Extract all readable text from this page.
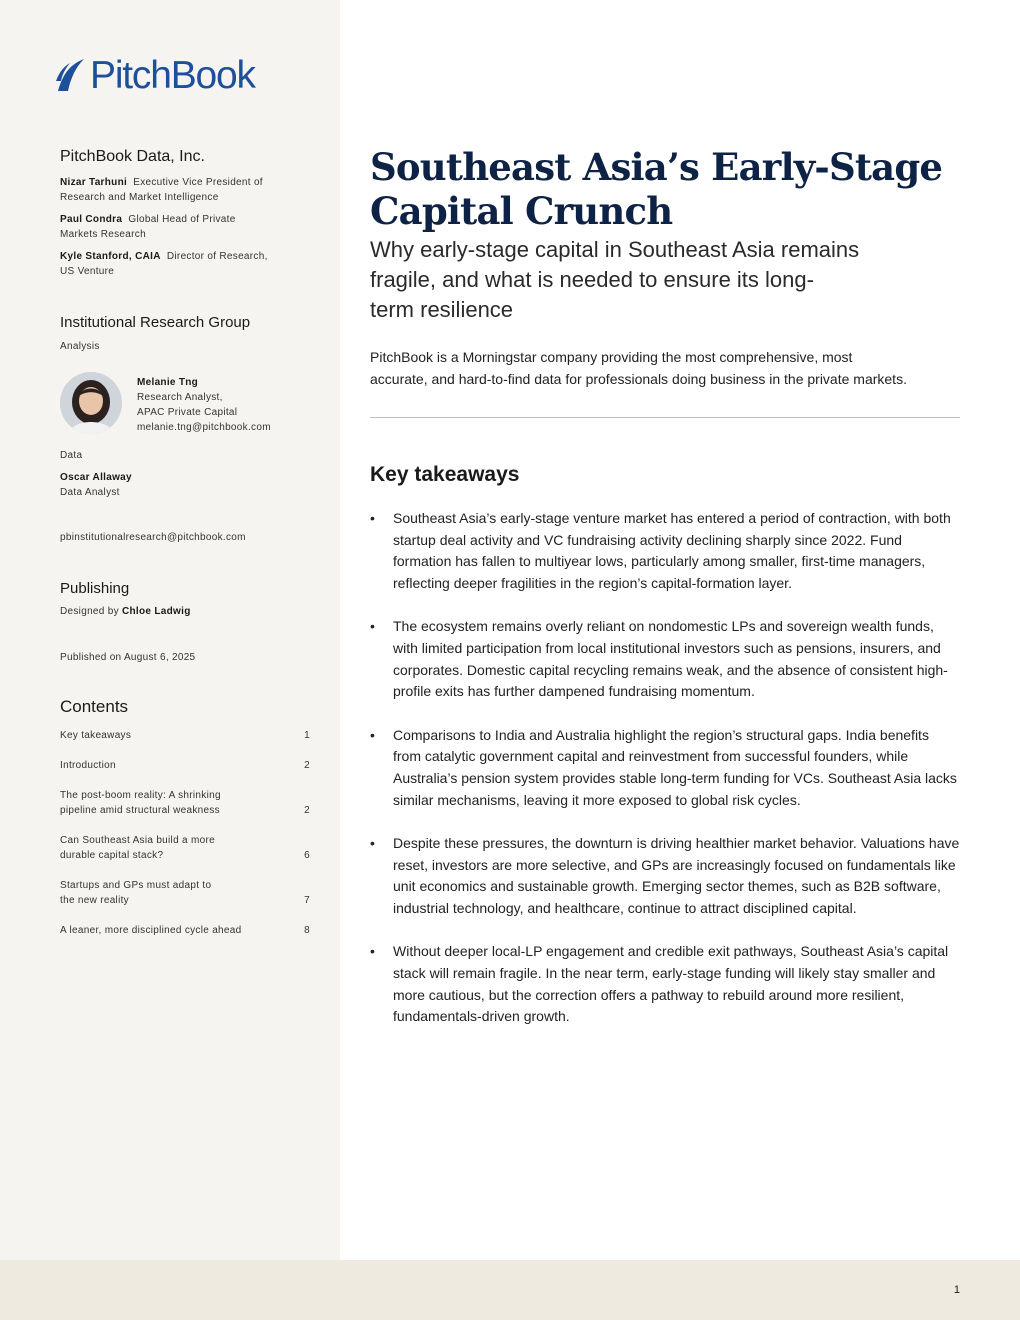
PitchBook
PitchBook Data, Inc.
Nizar Tarhuni Executive Vice President of
Research and Market Intelligence
Paul Condra Global Head of Private
Markets Research
Kyle Stanford, CAIA Director of Research,
US Venture
Institutional Research Group
Analysis
Melanie Tng
Research Analyst,
APAC Private Capital
melanie.tng@pitchbook.com
Data
Oscar Allaway
Data Analyst
pbinstitutionalresearch@pitchbook.com
Publishing
Designed by Chloe Ladwig
Published on August 6, 2025
Contents
Key takeaways	1
Introduction	2
The post-boom reality: A shrinking
pipeline amid structural weakness	2
Can Southeast Asia build a more
durable capital stack?	6
Startups and GPs must adapt to
the new reality	7
A leaner, more disciplined cycle ahead	8
Southeast Asia’s Early-Stage
Capital Crunch
Why early-stage capital in Southeast Asia remains
fragile, and what is needed to ensure its long-
term resilience
PitchBook is a Morningstar company providing the most comprehensive, most
accurate, and hard-to-find data for professionals doing business in the private markets.
Key takeaways
• Southeast Asia’s early-stage venture market has entered a period of contraction, with both startup deal activity and VC fundraising activity declining sharply since 2022. Fund formation has fallen to multiyear lows, particularly among smaller, first-time managers, reflecting deeper fragilities in the region’s capital-formation layer.
• The ecosystem remains overly reliant on nondomestic LPs and sovereign wealth funds, with limited participation from local institutional investors such as pensions, insurers, and corporates. Domestic capital recycling remains weak, and the absence of consistent high-profile exits has further dampened fundraising momentum.
• Comparisons to India and Australia highlight the region’s structural gaps. India benefits from catalytic government capital and reinvestment from successful founders, while Australia’s pension system provides stable long-term funding for VCs. Southeast Asia lacks similar mechanisms, leaving it more exposed to global risk cycles.
• Despite these pressures, the downturn is driving healthier market behavior. Valuations have reset, investors are more selective, and GPs are increasingly focused on fundamentals like unit economics and sustainable growth. Emerging sector themes, such as B2B software, industrial technology, and healthcare, continue to attract disciplined capital.
• Without deeper local-LP engagement and credible exit pathways, Southeast Asia’s capital stack will remain fragile. In the near term, early-stage funding will likely stay smaller and more cautious, but the correction offers a pathway to rebuild around more resilient, fundamentals-driven growth.
1
